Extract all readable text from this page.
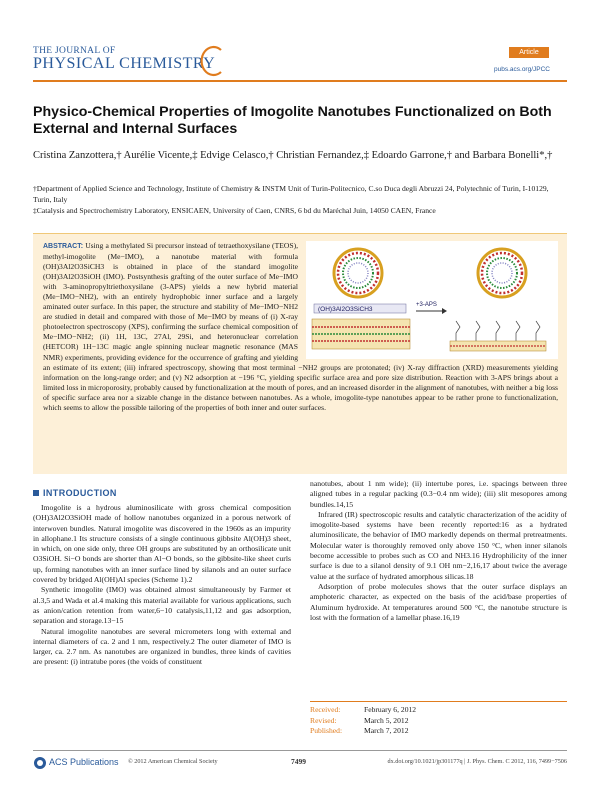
THE JOURNAL OF
PHYSICAL CHEMISTRY
Article
pubs.acs.org/JPCC
Physico-Chemical Properties of Imogolite Nanotubes Functionalized on Both External and Internal Surfaces
Cristina Zanzottera,† Aurélie Vicente,‡ Edvige Celasco,† Christian Fernandez,‡ Edoardo Garrone,† and Barbara Bonelli*,†
†Department of Applied Science and Technology, Institute of Chemistry & INSTM Unit of Turin-Politecnico, C.so Duca degli Abruzzi 24, Polytechnic of Turin, I-10129, Turin, Italy
‡Catalysis and Spectrochemistry Laboratory, ENSICAEN, University of Caen, CNRS, 6 bd du Maréchal Juin, 14050 CAEN, France
(OH)3Al2O3SiCH3
+3-APS
ABSTRACT: Using a methylated Si precursor instead of tetraethoxysilane (TEOS), methyl-imogolite (Me−IMO), a nanotube material with formula (OH)3Al2O3SiCH3 is obtained in place of the standard imogolite (OH)3Al2O3SiOH (IMO). Postsynthesis grafting of the outer surface of Me−IMO with 3-aminopropyltriethoxysilane (3-APS) yields a new hybrid material (Me−IMO−NH2), with an entirely hydrophobic inner surface and a largely aminated outer surface. In this paper, the structure and stability of Me−IMO−NH2 are studied in detail and compared with those of Me−IMO by means of (i) X-ray photoelectron spectroscopy (XPS), confirming the surface chemical composition of Me−IMO−NH2; (ii) 1H, 13C, 27Al, 29Si, and heteronuclear correlation (HETCOR) 1H−13C magic angle spinning nuclear magnetic resonance (MAS NMR) experiments, providing evidence for the occurrence of grafting and yielding an estimate of its extent; (iii) infrared spectroscopy, showing that most terminal −NH2 groups are protonated; (iv) X-ray diffraction (XRD) measurements yielding information on the long-range order; and (v) N2 adsorption at −196 °C, yielding specific surface area and pore size distribution. Reaction with 3-APS brings about a limited loss in microporosity, probably caused by functionalization at the mouth of pores, and an increased disorder in the alignment of nanotubes, with neither a big loss of specific surface area nor a sizable change in the distance between nanotubes. As a whole, imogolite-type nanotubes appear to be rather prone to functionalization, which seems to allow the possible tailoring of the properties of both inner and outer surfaces.
INTRODUCTION

Imogolite is a hydrous aluminosilicate with gross chemical composition (OH)3Al2O3SiOH made of hollow nanotubes organized in a porous network of interwoven bundles. Natural imogolite was discovered in the 1960s as an impurity in allophane.1 Its structure consists of a single continuous gibbsite Al(OH)3 sheet, in which, on one side only, three OH groups are substituted by an orthosilicate unit O3SiOH. Si−O bonds are shorter than Al−O bonds, so the gibbsite-like sheet curls up, forming nanotubes with an inner surface lined by silanols and an outer surface covered by bridged Al(OH)Al species (Scheme 1).2

Synthetic imogolite (IMO) was obtained almost simultaneously by Farmer et al.3,5 and Wada et al.4 making this material available for various applications, such as anion/cation retention from water,6−10 catalysis,11,12 and gas adsorption, separation and storage.13−15

Natural imogolite nanotubes are several micrometers long with external and internal diameters of ca. 2 and 1 nm, respectively.2 The outer diameter of IMO is larger, ca. 2.7 nm. As nanotubes are organized in bundles, three kinds of cavities are present: (i) intratube pores (the voids of constituent

nanotubes, about 1 nm wide); (ii) intertube pores, i.e. spacings between three aligned tubes in a regular packing (0.3−0.4 nm wide); (iii) slit mesopores among bundles.14,15

Infrared (IR) spectroscopic results and catalytic characterization of the acidity of imogolite-based systems have been recently reported:16 as a hydrated aluminosilicate, the behavior of IMO markedly depends on thermal pretreatments. Molecular water is thoroughly removed only above 150 °C, when inner silanols become accessible to probes such as CO and NH3.16 Hydrophilicity of the inner surface is due to a silanol density of 9.1 OH nm−2,16,17 about twice the average value at the surface of hydrated amorphous silicas.18

Adsorption of probe molecules shows that the outer surface displays an amphoteric character, as expected on the basis of the acid/base properties of Aluminum hydroxide. At temperatures around 500 °C, the nanotube structure is lost with the formation of a lamellar phase.16,19

Received:	February 6, 2012
Revised:	March 5, 2012
Published:	March 7, 2012
ACS Publications © 2012 American Chemical Society	7499	dx.doi.org/10.1021/jp301177q | J. Phys. Chem. C 2012, 116, 7499−7506
